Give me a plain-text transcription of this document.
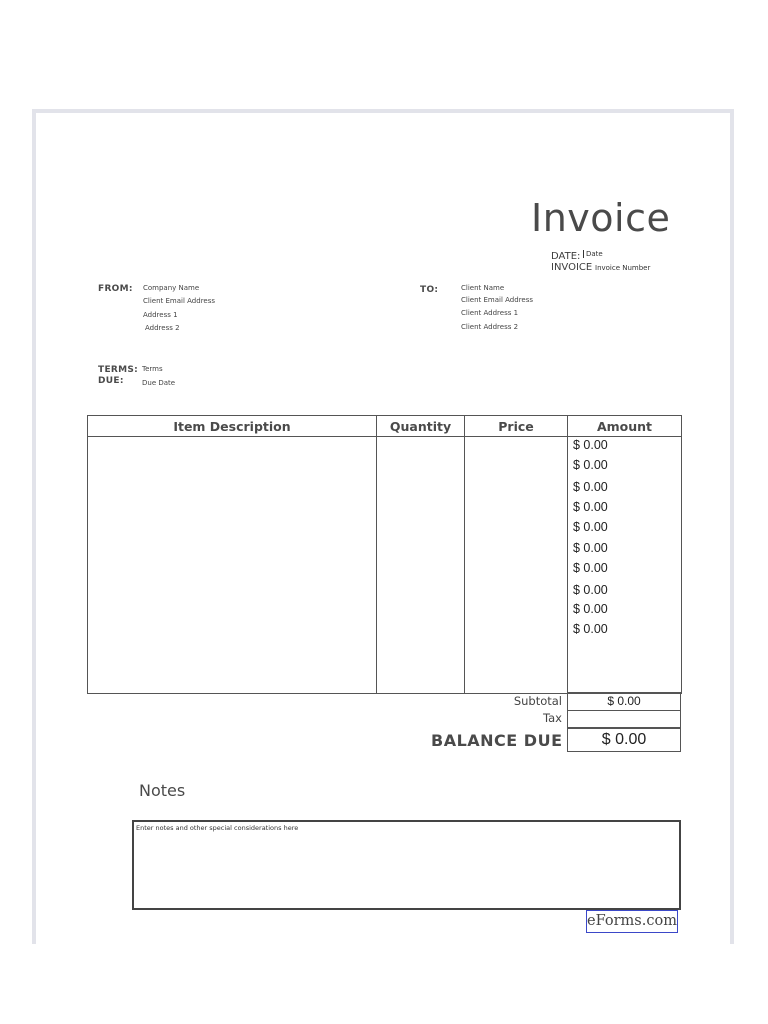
Invoice
DATE: Date
INVOICE Invoice Number
FROM: Company Name
Client Email Address
Address 1
Address 2
TO:	Client Name
Client Email Address
Client Address 1
Client Address 2
TERMS: Terms
DUE:	Due Date
Item Description	Quantity	Price	Amount

$ 0.00
$ 0.00
$ 0.00
$ 0.00
$ 0.00
$ 0.00
$ 0.00
$ 0.00
$ 0.00
$ 0.00
Subtotal	$ 0.00
Tax
BALANCE DUE	$ 0.00
Notes
Enter notes and other special considerations here
eForms.com
